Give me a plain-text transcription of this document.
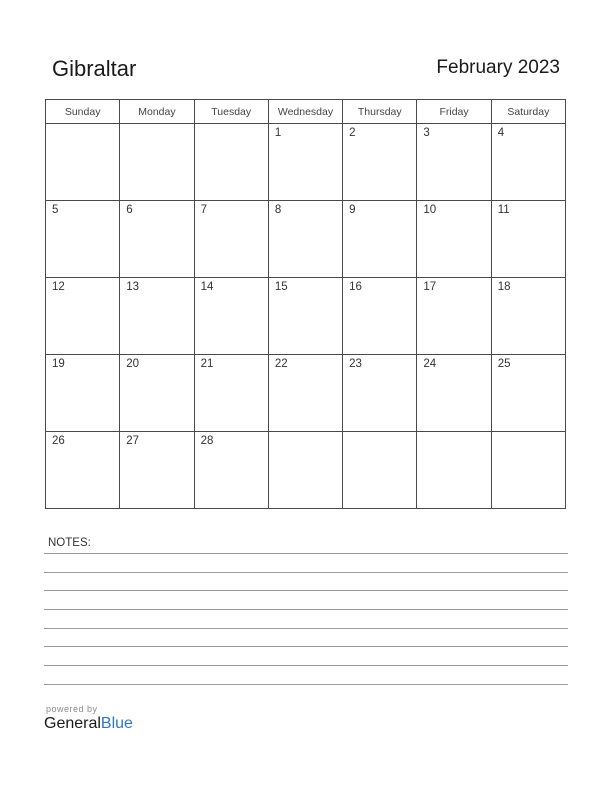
Gibraltar	February 2023
Sunday	Monday	Tuesday	Wednesday	Thursday	Friday	Saturday

			1	2	3	4

5	6	7	8	9	10	11

12	13	14	15	16	17	18

19	20	21	22	23	24	25

26	27	28				

NOTES:
powered by
GeneralBlue
